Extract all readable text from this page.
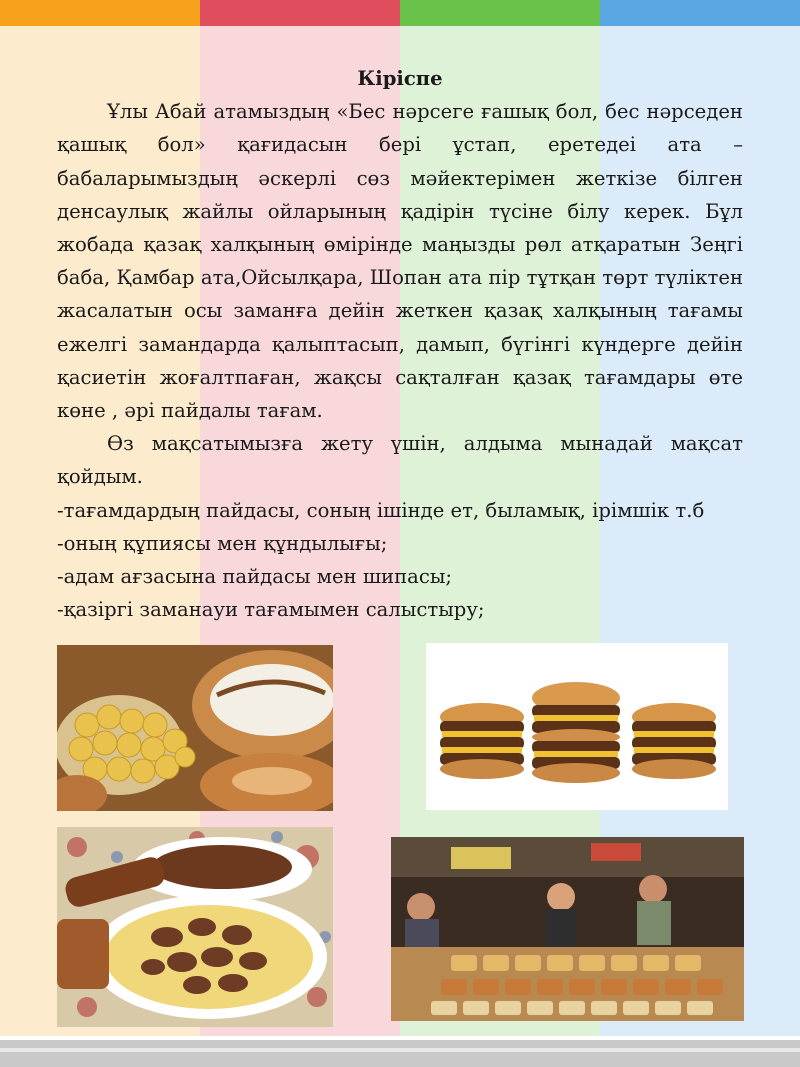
Кіріспе

Ұлы Абай атамыздың «Бес нәрсеге ғашық бол, бес нәрседен қашық бол» қағидасын бері ұстап, еретедеі ата – бабаларымыздың әскерлі сөз мәйектерімен жеткізе білген денсаулық жайлы ойларының қадірін түсіне білу керек. Бұл жобада қазақ халқының өмірінде маңызды рөл атқаратын Зеңгі баба, Қамбар ата,Ойсылқара, Шопан ата пір тұтқан төрт түліктен жасалатын осы заманға дейін жеткен қазақ халқының тағамы ежелгі замандарда қалыптасып, дамып, бүгінгі күндерге дейін қасиетін жоғалтпаған, жақсы сақталған қазақ тағамдары өте көне , әрі пайдалы тағам.

Өз мақсатымызға жету үшін, алдыма мынадай мақсат қойдым.

-тағамдардың пайдасы, соның ішінде ет, быламық, ірімшік т.б

-оның құпиясы мен құндылығы;

-адам ағзасына пайдасы мен шипасы;

-қазіргі заманауи тағамымен салыстыру;
